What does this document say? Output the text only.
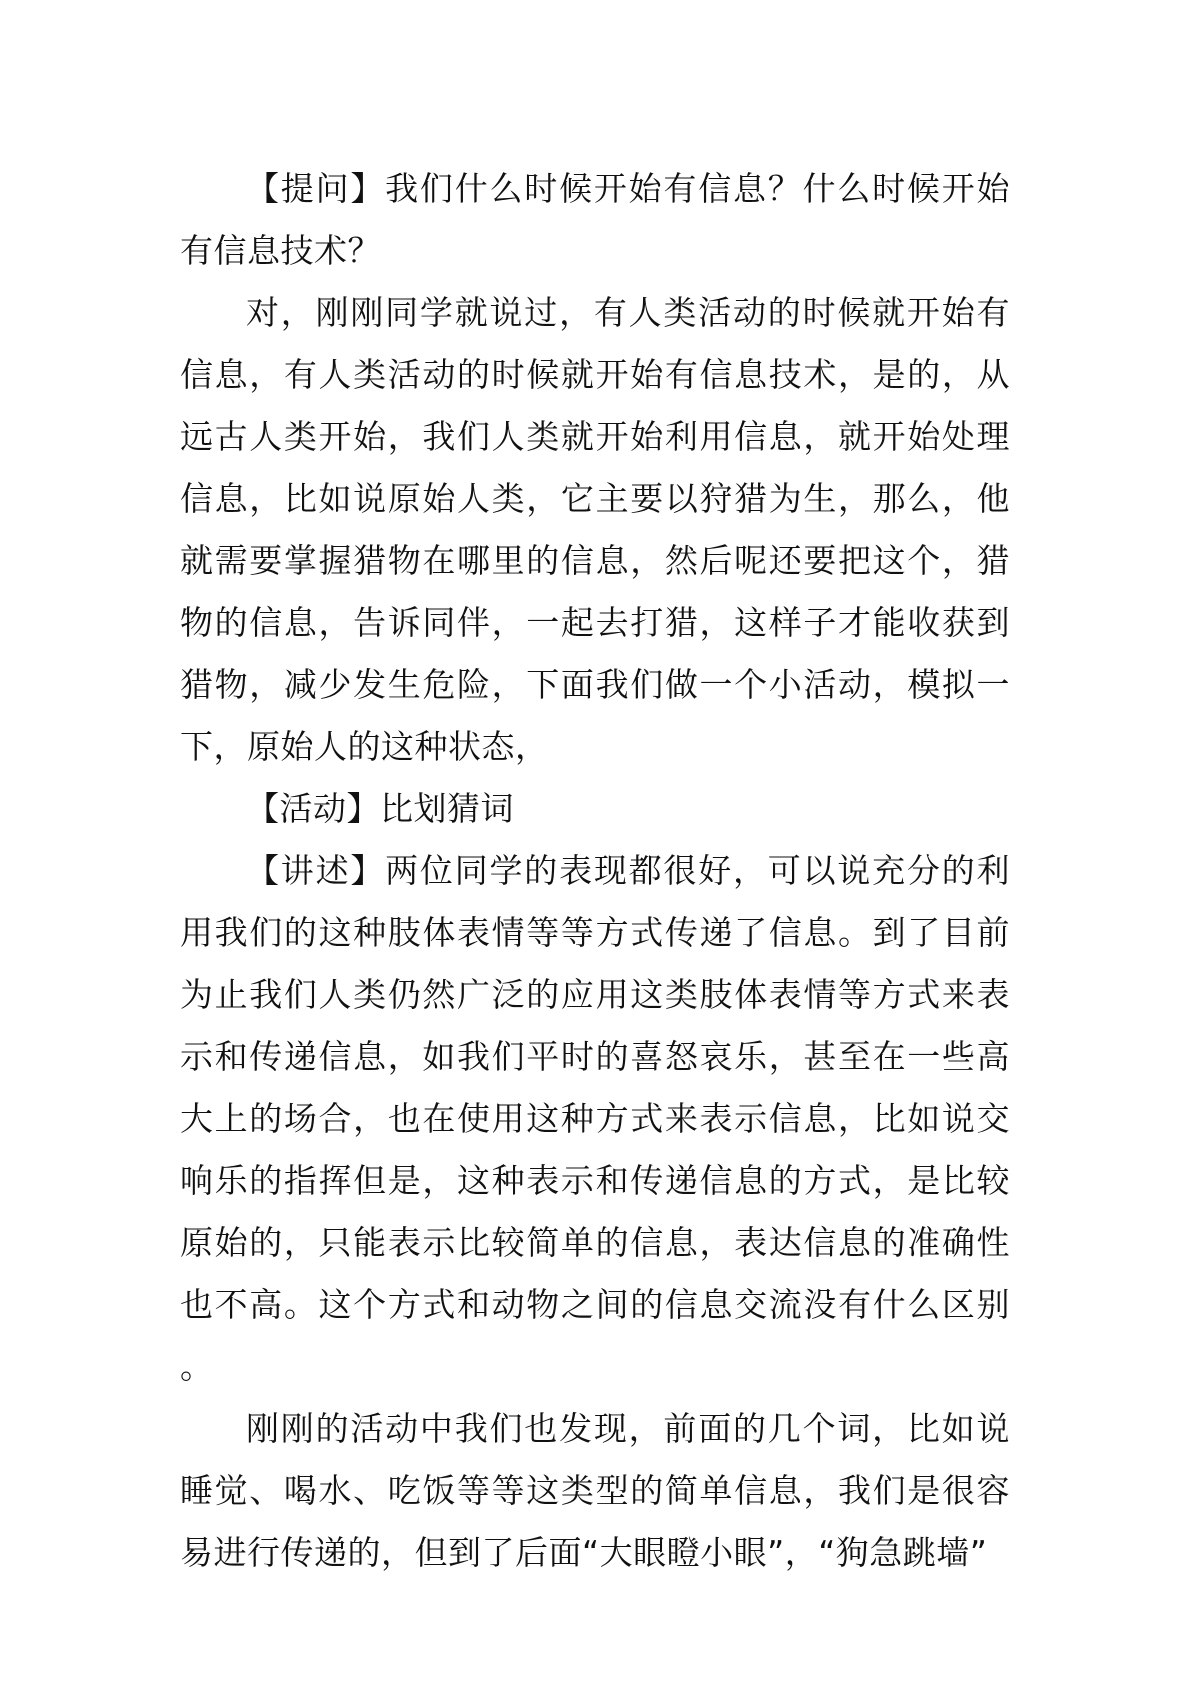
【提问】我们什么时候开始有信息？什么时候开始有信息技术？

对，刚刚同学就说过，有人类活动的时候就开始有信息，有人类活动的时候就开始有信息技术，是的，从远古人类开始，我们人类就开始利用信息，就开始处理信息，比如说原始人类，它主要以狩猎为生，那么，他就需要掌握猎物在哪里的信息，然后呢还要把这个，猎物的信息，告诉同伴，一起去打猎，这样子才能收获到猎物，减少发生危险，下面我们做一个小活动，模拟一下，原始人的这种状态，

【活动】比划猜词

【讲述】两位同学的表现都很好，可以说充分的利用我们的这种肢体表情等等方式传递了信息。到了目前为止我们人类仍然广泛的应用这类肢体表情等方式来表示和传递信息，如我们平时的喜怒哀乐，甚至在一些高大上的场合，也在使用这种方式来表示信息，比如说交响乐的指挥但是，这种表示和传递信息的方式，是比较原始的，只能表示比较简单的信息，表达信息的准确性也不高。这个方式和动物之间的信息交流没有什么区别。

刚刚的活动中我们也发现，前面的几个词，比如说睡觉、喝水、吃饭等等这类型的简单信息，我们是很容易进行传递的，但到了后面“大眼瞪小眼”，“狗急跳墙”
